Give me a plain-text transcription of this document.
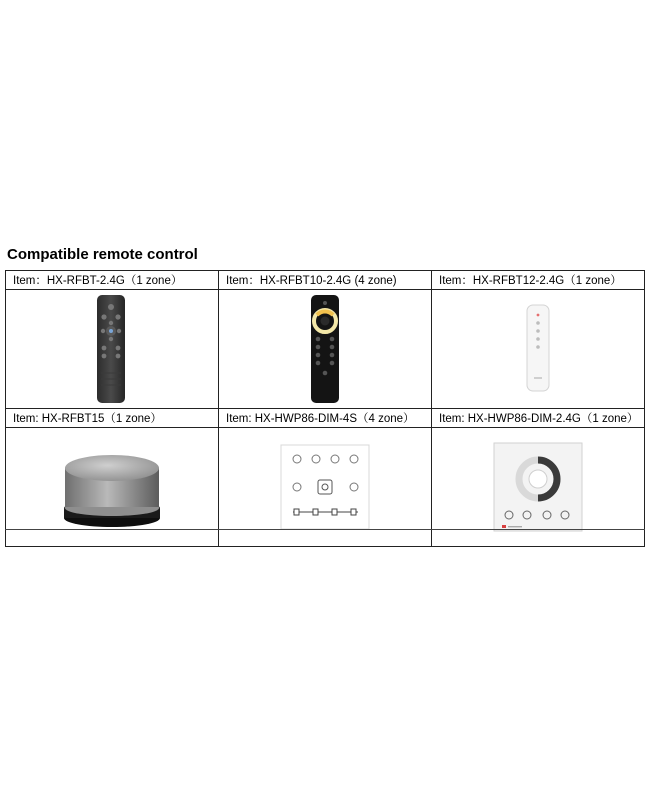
Compatible remote control
Item：HX-RFBT-2.4G（1 zone）	Item：HX-RFBT10-2.4G (4 zone)	Item：HX-RFBT12-2.4G（1 zone）

Item: HX-RFBT15（1 zone）	Item: HX-HWP86-DIM-4S（4 zone）	Item: HX-HWP86-DIM-2.4G（1 zone）
